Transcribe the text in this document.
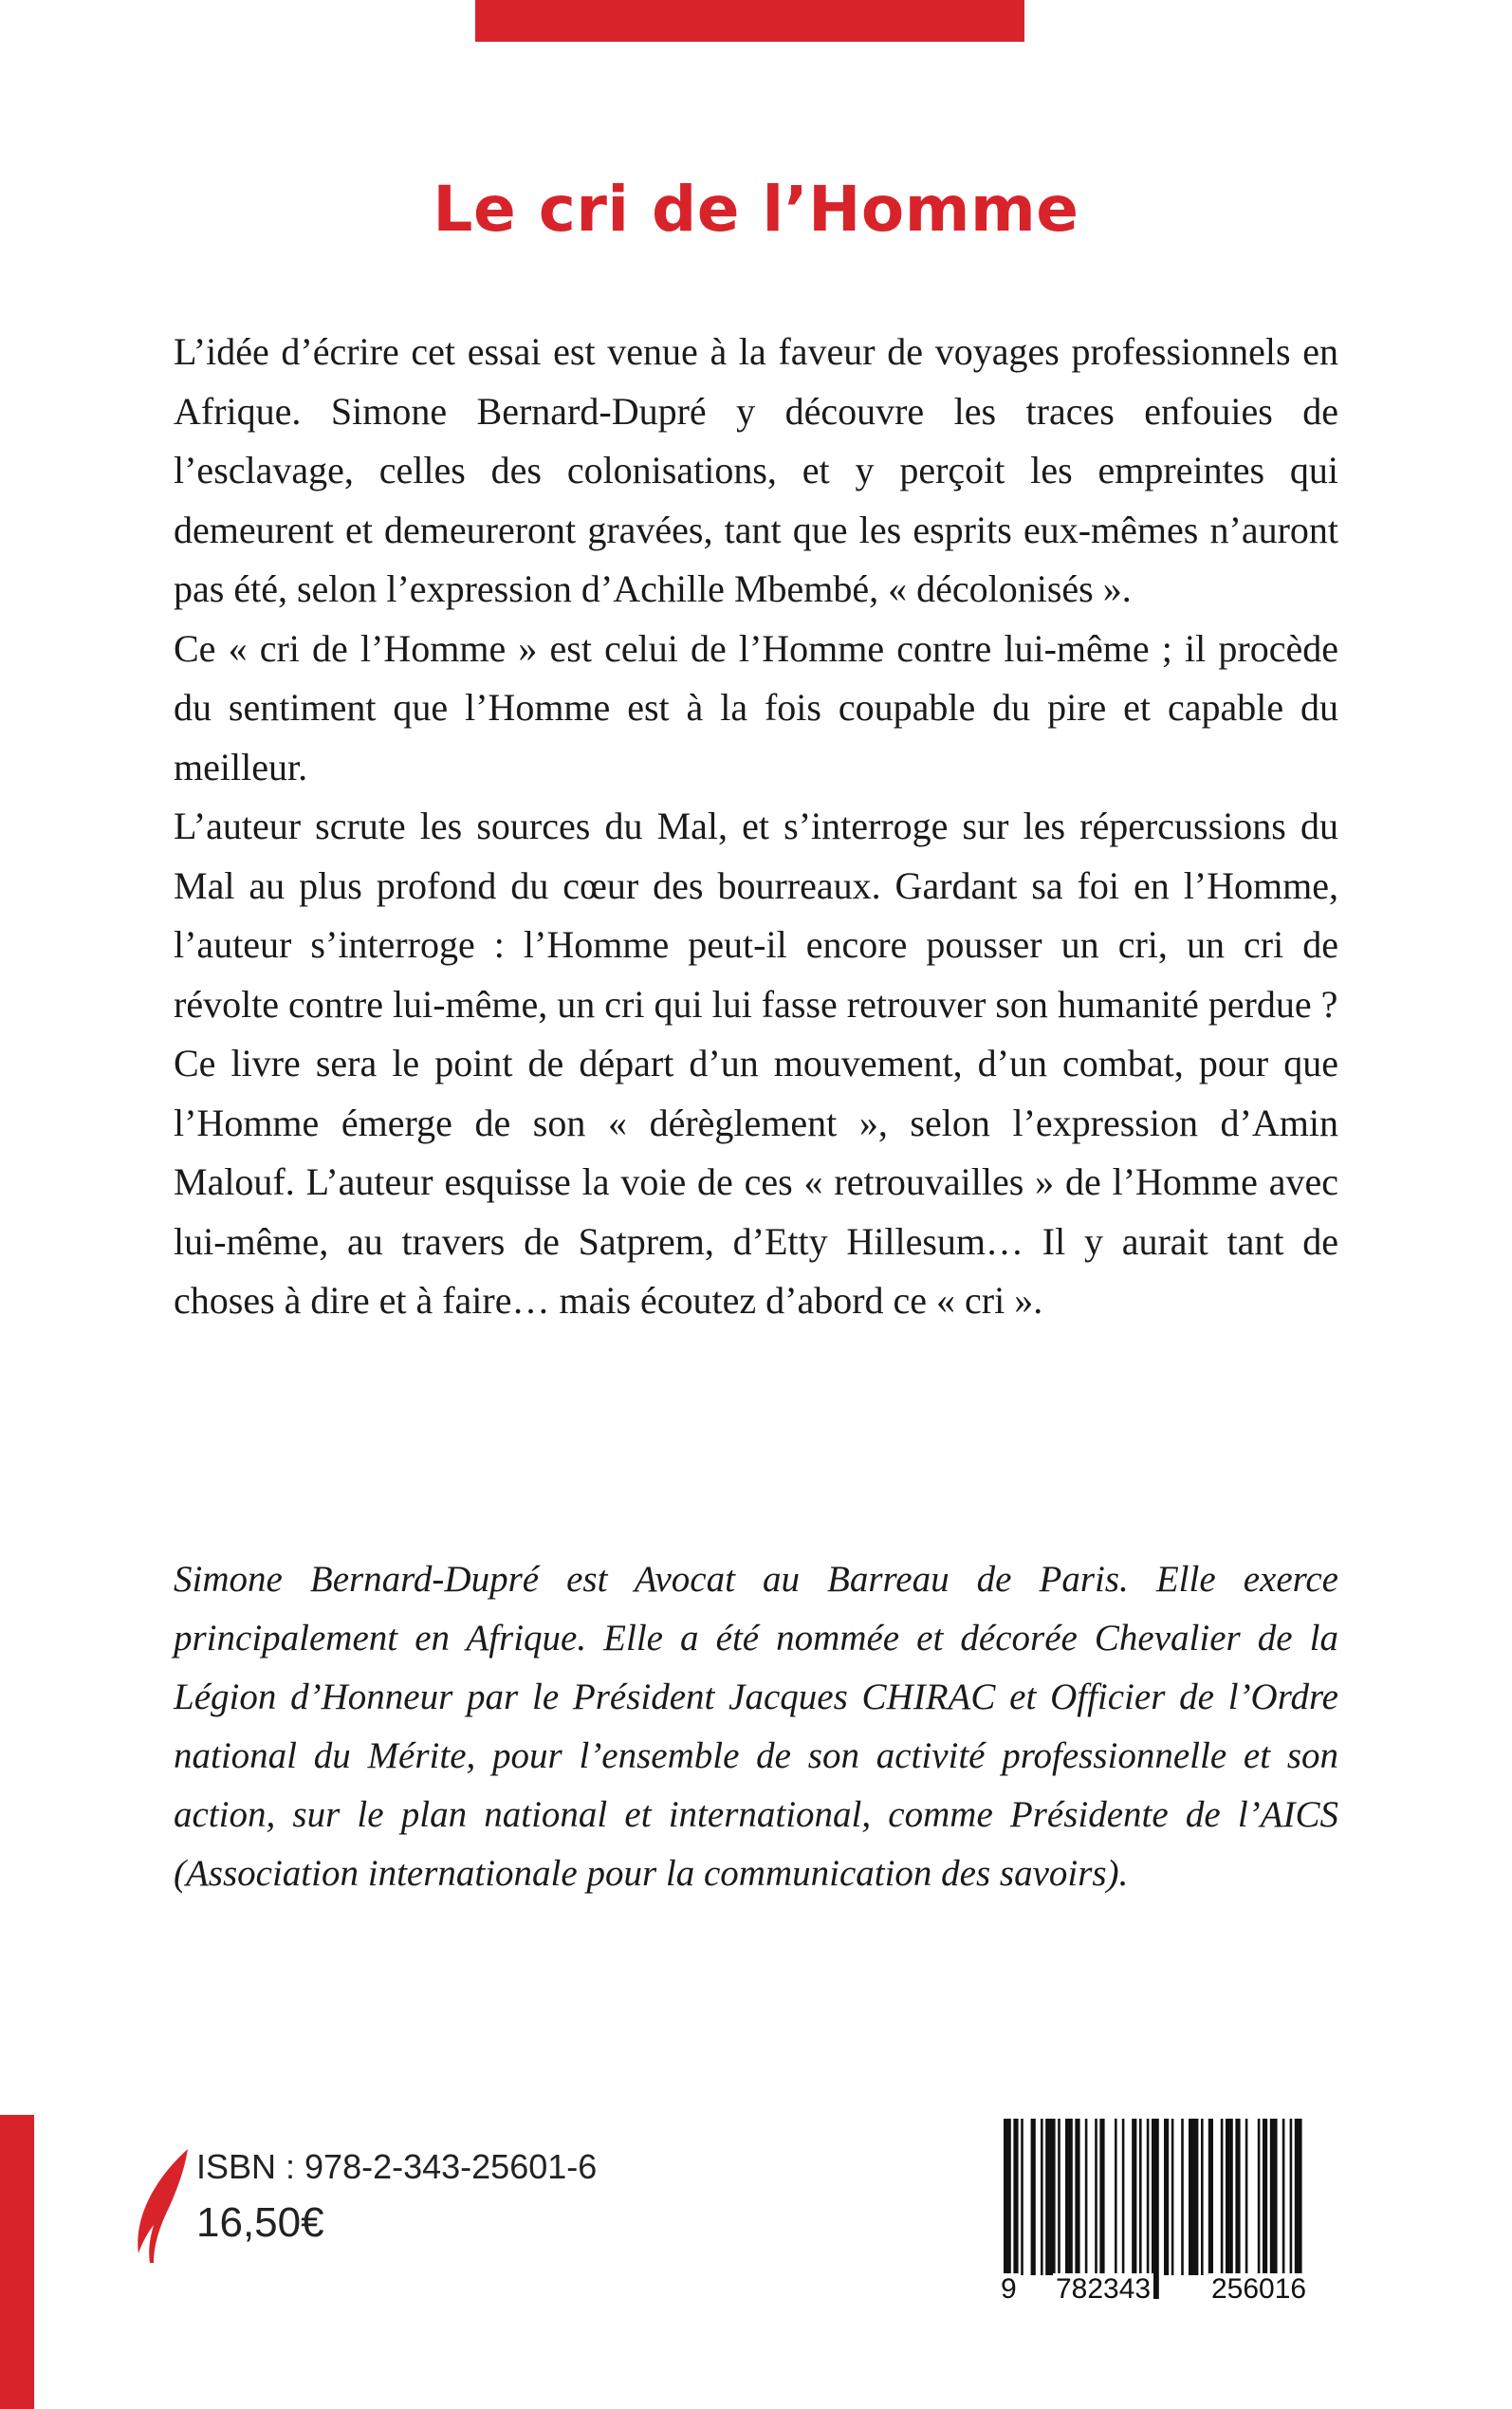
Le cri de l’Homme

L’idée d’écrire cet essai est venue à la faveur de voyages professionnels en Afrique. Simone Bernard-Dupré y découvre les traces enfouies de l’esclavage, celles des colonisations, et y perçoit les empreintes qui demeurent et demeureront gravées, tant que les esprits eux-mêmes n’auront pas été, selon l’expression d’Achille Mbembé, « décolonisés ».

Ce « cri de l’Homme » est celui de l’Homme contre lui-même ; il procède du sentiment que l’Homme est à la fois coupable du pire et capable du meilleur.

L’auteur scrute les sources du Mal, et s’interroge sur les répercussions du Mal au plus profond du cœur des bourreaux. Gardant sa foi en l’Homme, l’auteur s’interroge : l’Homme peut-il encore pousser un cri, un cri de révolte contre lui-même, un cri qui lui fasse retrouver son humanité perdue ?

Ce livre sera le point de départ d’un mouvement, d’un combat, pour que l’Homme émerge de son « dérèglement », selon l’expression d’Amin Malouf. L’auteur esquisse la voie de ces « retrouvailles » de l’Homme avec lui-même, au travers de Satprem, d’Etty Hillesum… Il y aurait tant de choses à dire et à faire… mais écoutez d’abord ce « cri ».

Simone Bernard-Dupré est Avocat au Barreau de Paris. Elle exerce principalement en Afrique. Elle a été nommée et décorée Chevalier de la Légion d’Honneur par le Président Jacques CHIRAC et Officier de l’Ordre national du Mérite, pour l’ensemble de son activité professionnelle et son action, sur le plan national et international, comme Présidente de l’AICS (Association internationale pour la communication des savoirs).

ISBN : 978-2-343-25601-6
16,50€
9 782343 256016
